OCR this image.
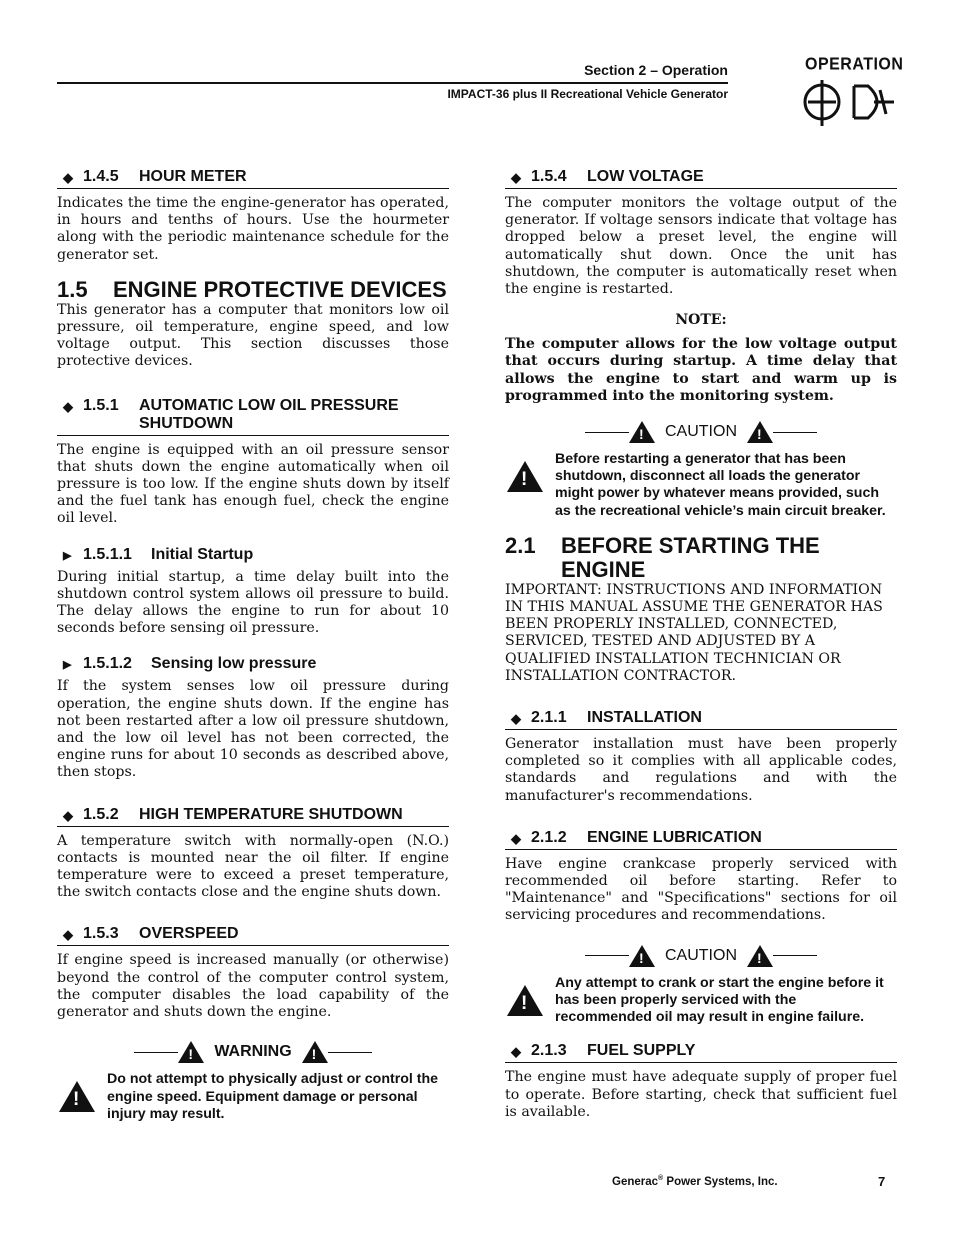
Section 2 – Operation
IMPACT-36 plus II Recreational Vehicle Generator
OPERATION
◆ 1.4.5	HOUR METER

Indicates the time the engine-generator has operated, in hours and tenths of hours. Use the hourmeter along with the periodic maintenance schedule for the generator set.

1.5	ENGINE PROTECTIVE DEVICES

This generator has a computer that monitors low oil pressure, oil temperature, engine speed, and low voltage output. This section discusses those protective devices.

◆ 1.5.1	AUTOMATIC LOW OIL PRESSURE SHUTDOWN

The engine is equipped with an oil pressure sensor that shuts down the engine automatically when oil pressure is too low. If the engine shuts down by itself and the fuel tank has enough fuel, check the engine oil level.

▶ 1.5.1.1	Initial Startup

During initial startup, a time delay built into the shutdown control system allows oil pressure to build. The delay allows the engine to run for about 10 seconds before sensing oil pressure.

▶ 1.5.1.2	Sensing low pressure

If the system senses low oil pressure during operation, the engine shuts down. If the engine has not been restarted after a low oil pressure shutdown, and the low oil level has not been corrected, the engine runs for about 10 seconds as described above, then stops.

◆ 1.5.2	HIGH TEMPERATURE SHUTDOWN

A temperature switch with normally-open (N.O.) contacts is mounted near the oil filter. If engine temperature were to exceed a preset temperature, the switch contacts close and the engine shuts down.

◆ 1.5.3	OVERSPEED

If engine speed is increased manually (or otherwise) beyond the control of the computer control system, the computer disables the load capability of the generator and shuts down the engine.

!
WARNING
!
!
Do not attempt to physically adjust or control the engine speed. Equipment damage or personal injury may result.
◆ 1.5.4	LOW VOLTAGE

The computer monitors the voltage output of the generator. If voltage sensors indicate that voltage has dropped below a preset level, the engine will automatically shut down. Once the unit has shutdown, the computer is automatically reset when the engine is restarted.

NOTE:
The computer allows for the low voltage output that occurs during startup. A time delay that allows the engine to start and warm up is programmed into the monitoring system.
!
CAUTION
!
!
Before restarting a generator that has been shutdown, disconnect all loads the generator might power by whatever means provided, such as the recreational vehicle’s main circuit breaker.
2.1	BEFORE STARTING THE ENGINE

IMPORTANT: INSTRUCTIONS AND INFORMATION IN THIS MANUAL ASSUME THE GENERATOR HAS BEEN PROPERLY INSTALLED, CONNECTED, SERVICED, TESTED AND ADJUSTED BY A QUALIFIED INSTALLATION TECHNICIAN OR INSTALLATION CONTRACTOR.

◆ 2.1.1	INSTALLATION

Generator installation must have been properly completed so it complies with all applicable codes, standards and regulations and with the manufacturer's recommendations.

◆ 2.1.2	ENGINE LUBRICATION

Have engine crankcase properly serviced with recommended oil before starting. Refer to "Maintenance" and "Specifications" sections for oil servicing procedures and recommendations.

!
CAUTION
!
!
Any attempt to crank or start the engine before it has been properly serviced with the recommended oil may result in engine failure.
◆ 2.1.3	FUEL SUPPLY

The engine must have adequate supply of proper fuel to operate. Before starting, check that sufficient fuel is available.

Generac® Power Systems, Inc.	7
